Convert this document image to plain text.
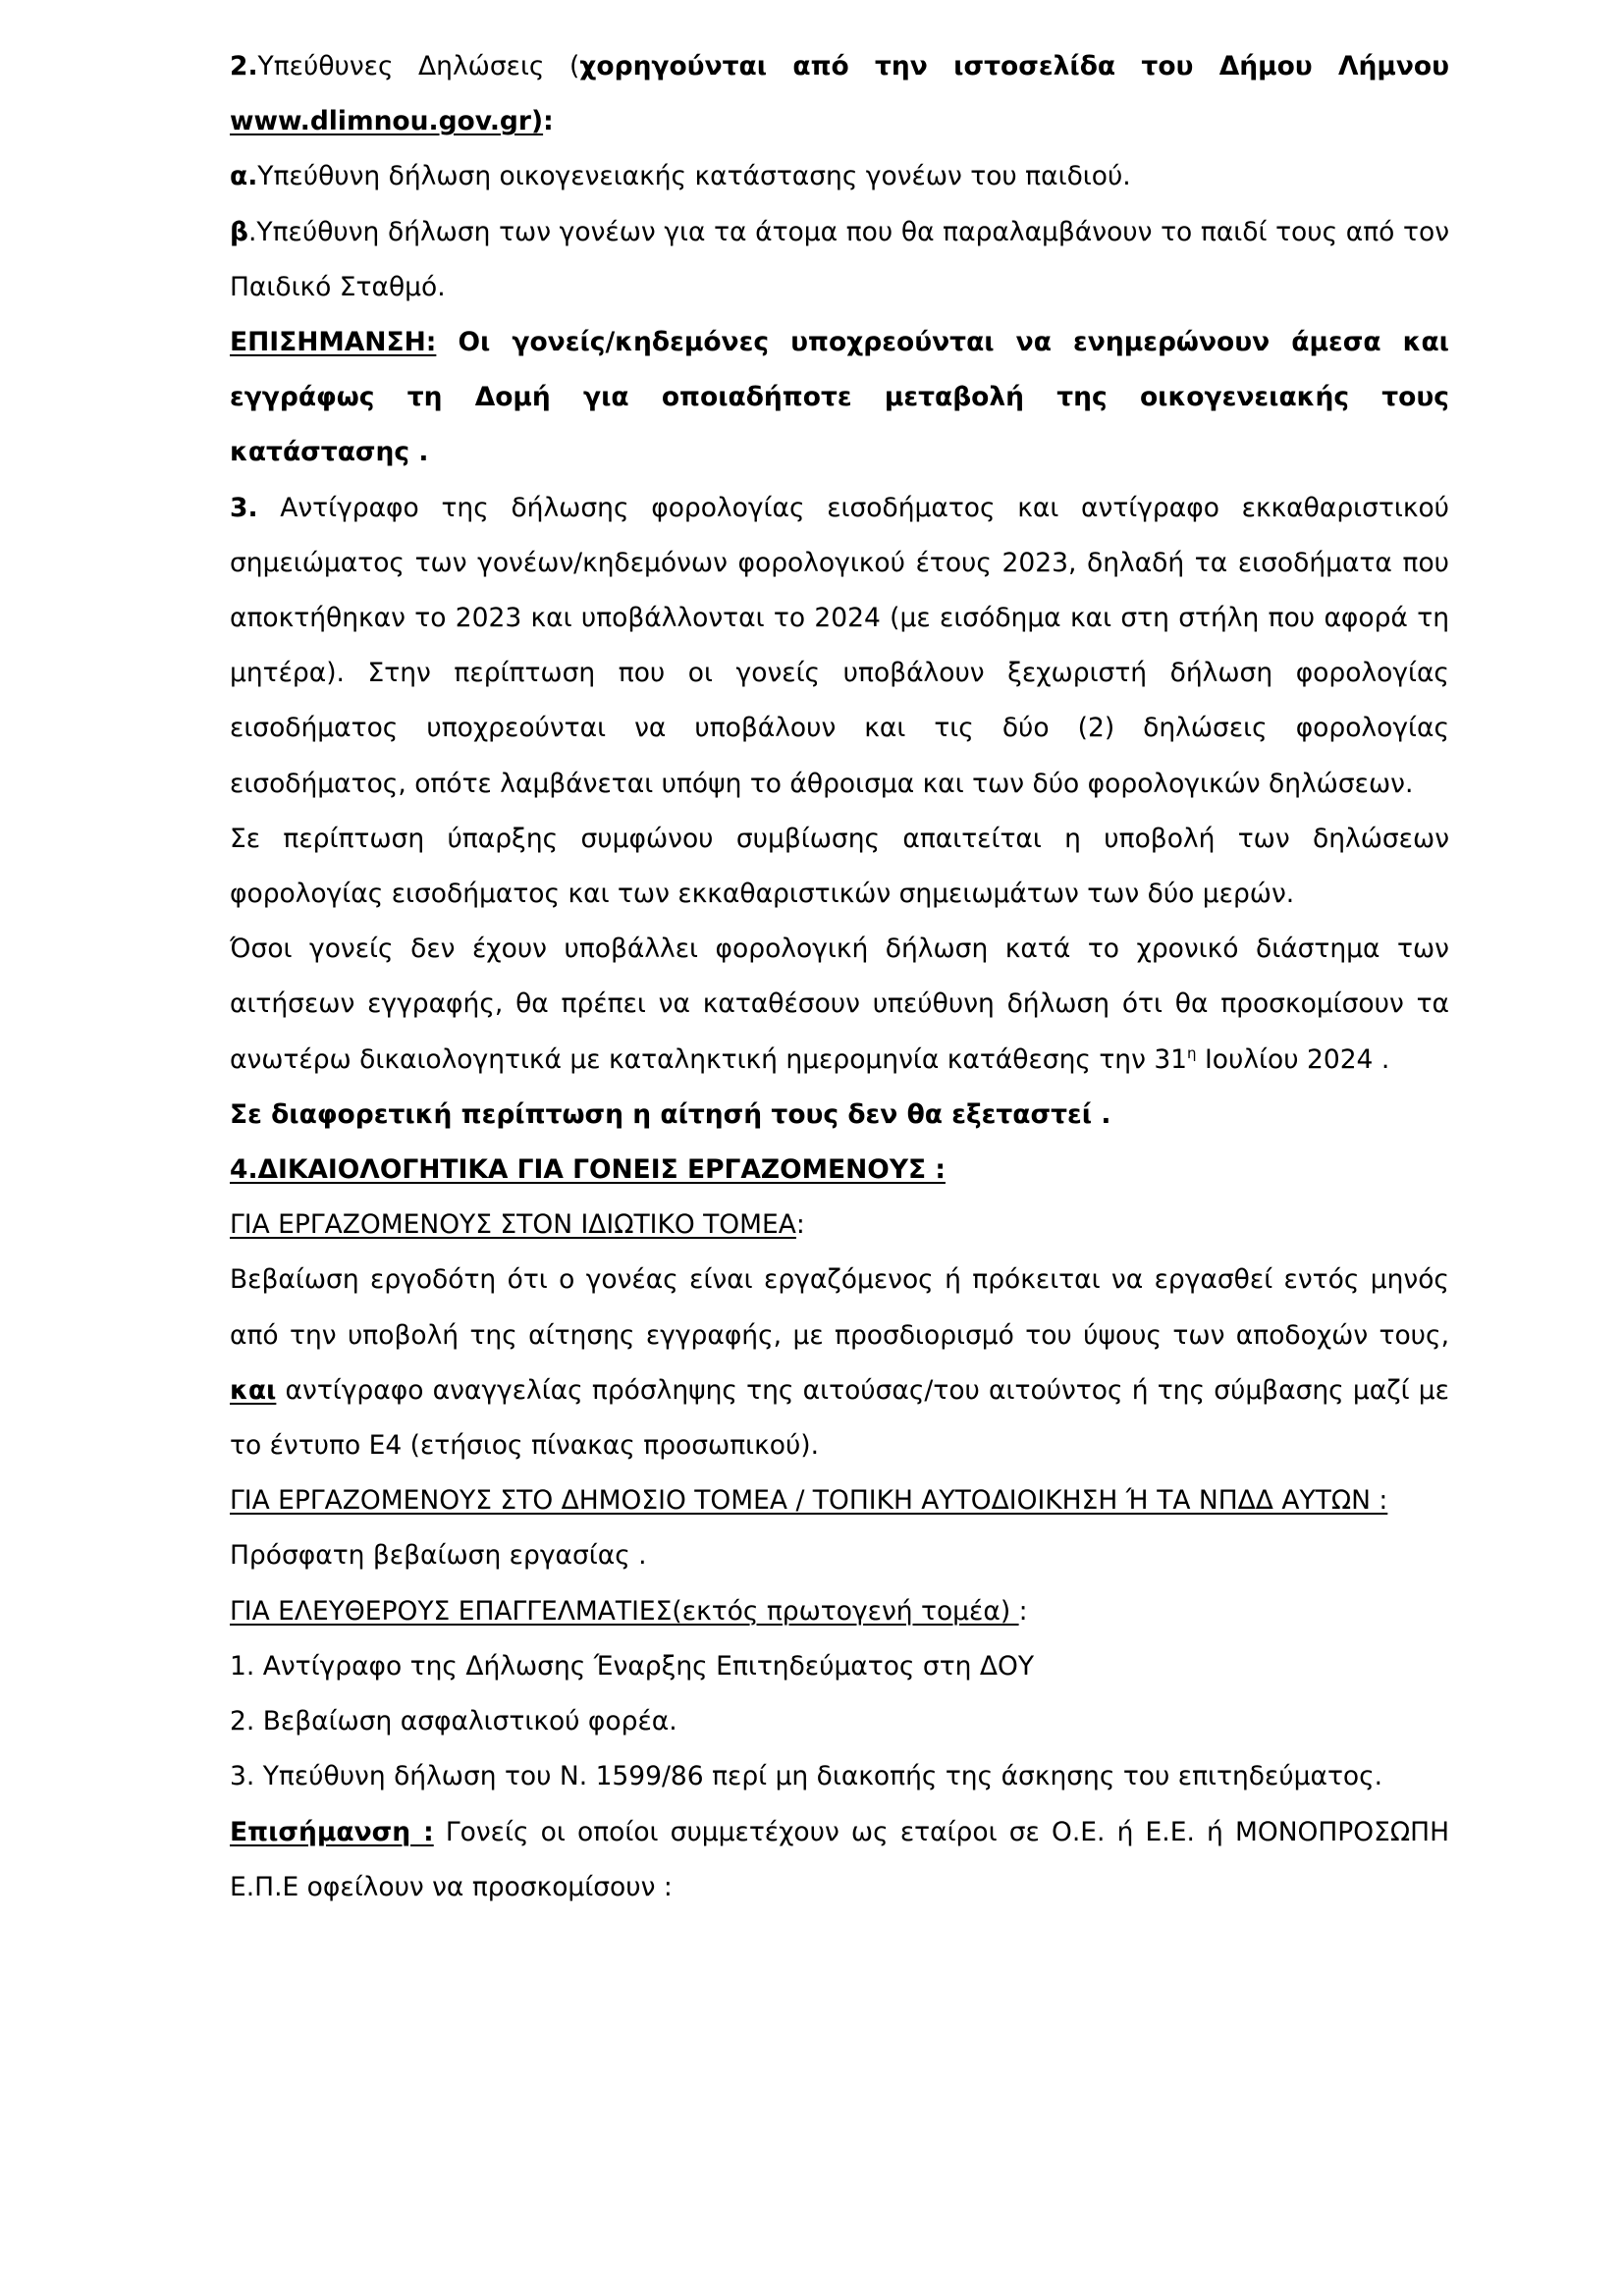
2.Υπεύθυνες Δηλώσεις (χορηγούνται από την ιστοσελίδα του Δήμου Λήμνου www.dlimnou.gov.gr):

α.Υπεύθυνη δήλωση οικογενειακής κατάστασης γονέων του παιδιού.

β.Υπεύθυνη δήλωση των γονέων για τα άτομα που θα παραλαμβάνουν το παιδί τους από τον Παιδικό Σταθμό.

ΕΠΙΣΗΜΑΝΣΗ: Οι γονείς/κηδεμόνες υποχρεούνται να ενημερώνουν άμεσα και εγγράφως τη Δομή για οποιαδήποτε μεταβολή της οικογενειακής τους κατάστασης .

3. Αντίγραφο της δήλωσης φορολογίας εισοδήματος και αντίγραφο εκκαθαριστικού σημειώματος των γονέων/κηδεμόνων φορολογικού έτους 2023, δηλαδή τα εισοδήματα που αποκτήθηκαν το 2023 και υποβάλλονται το 2024 (με εισόδημα και στη στήλη που αφορά τη μητέρα). Στην περίπτωση που οι γονείς υποβάλουν ξεχωριστή δήλωση φορολογίας εισοδήματος υποχρεούνται να υποβάλουν και τις δύο (2) δηλώσεις φορολογίας εισοδήματος, οπότε λαμβάνεται υπόψη το άθροισμα και των δύο φορολογικών δηλώσεων.

Σε περίπτωση ύπαρξης συμφώνου συμβίωσης απαιτείται η υποβολή των δηλώσεων φορολογίας εισοδήματος και των εκκαθαριστικών σημειωμάτων των δύο μερών.

Όσοι γονείς δεν έχουν υποβάλλει φορολογική δήλωση κατά το χρονικό διάστημα των αιτήσεων εγγραφής, θα πρέπει να καταθέσουν υπεύθυνη δήλωση ότι θα προσκομίσουν τα ανωτέρω δικαιολογητικά με καταληκτική ημερομηνία κατάθεσης την $31^\eta$ Ιουλίου 2024 .

Σε διαφορετική περίπτωση η αίτησή τους δεν θα εξεταστεί .

4.ΔΙΚΑΙΟΛΟΓΗΤΙΚΑ ΓΙΑ ΓΟΝΕΙΣ ΕΡΓΑΖΟΜΕΝΟΥΣ :

ΓΙΑ ΕΡΓΑΖΟΜΕΝΟΥΣ ΣΤΟΝ ΙΔΙΩΤΙΚΟ ΤΟΜΕΑ:

Βεβαίωση εργοδότη ότι ο γονέας είναι εργαζόμενος ή πρόκειται να εργασθεί εντός μηνός από την υποβολή της αίτησης εγγραφής, με προσδιορισμό του ύψους των αποδοχών τους, και αντίγραφο αναγγελίας πρόσληψης της αιτούσας/του αιτούντος ή της σύμβασης μαζί με το έντυπο Ε4 (ετήσιος πίνακας προσωπικού).

ΓΙΑ ΕΡΓΑΖΟΜΕΝΟΥΣ ΣΤΟ ΔΗΜΟΣΙΟ ΤΟΜΕΑ / ΤΟΠΙΚΗ ΑΥΤΟΔΙΟΙΚΗΣΗ Ή ΤΑ ΝΠΔΔ ΑΥΤΩΝ :

Πρόσφατη βεβαίωση εργασίας .

ΓΙΑ ΕΛΕΥΘΕΡΟΥΣ ΕΠΑΓΓΕΛΜΑΤΙΕΣ(εκτός πρωτογενή τομέα) :

1. Αντίγραφο της Δήλωσης Έναρξης Επιτηδεύματος στη ΔΟΥ

2. Βεβαίωση ασφαλιστικού φορέα.

3. Υπεύθυνη δήλωση του Ν. 1599/86 περί μη διακοπής της άσκησης του επιτηδεύματος.

Επισήμανση : Γονείς οι οποίοι συμμετέχουν ως εταίροι σε Ο.Ε. ή Ε.Ε. ή ΜΟΝΟΠΡΟΣΩΠΗ Ε.Π.Ε οφείλουν να προσκομίσουν :
